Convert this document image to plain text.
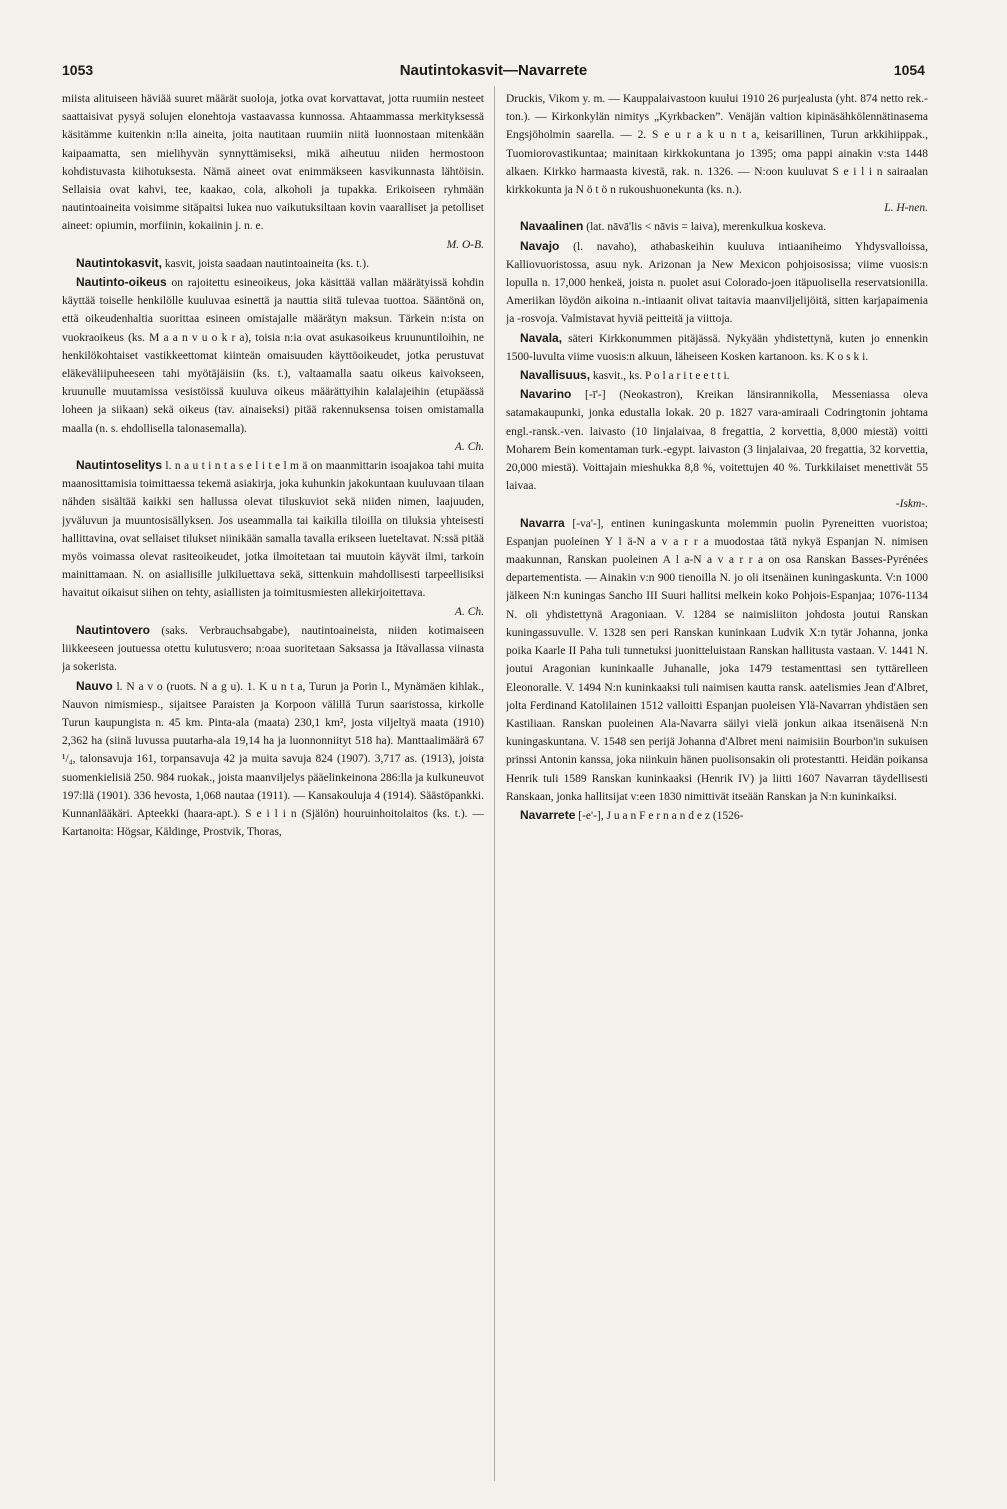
1053	Nautintokasvit—Navarrete	1054

miista alituiseen häviää suuret määrät suoloja, jotka ovat korvattavat, jotta ruumiin nesteet saattaisivat pysyä solujen elonehtoja vastaavassa kunnossa. Ahtaammassa merkityksessä käsitämme kuitenkin n:lla aineita, joita nautitaan ruumiin niitä luonnostaan mitenkään kaipaamatta, sen mielihyvän synnyttämiseksi, mikä aiheutuu niiden hermostoon kohdistuvasta kiihotuksesta. Nämä aineet ovat enimmäkseen kasvikunnasta lähtöisin. Sellaisia ovat kahvi, tee, kaakao, cola, alkoholi ja tupakka. Erikoiseen ryhmään nautintoaineita voisimme sitäpaitsi lukea nuo vaikutuksiltaan kovin vaaralliset ja petolliset aineet: opiumin, morfiinin, kokaiinin j. n. e.
M. O-B.

Nautintokasvit, kasvit, joista saadaan nautintoaineita (ks. t.).

Nautinto-oikeus on rajoitettu esineoikeus, joka käsittää vallan määrätyissä kohdin käyttää toiselle henkilölle kuuluvaa esinettä ja nauttia siitä tulevaa tuottoa. Sääntönä on, että oikeudenhaltia suorittaa esineen omistajalle määrätyn maksun. Tärkein n:ista on vuokraoikeus (ks. M a a n v u o k r a), toisia n:ia ovat asukasoikeus kruununtiloihin, ne henkilökohtaiset vastikkeettomat kiinteän omaisuuden käyttöoikeudet, jotka perustuvat eläkeväliipuheeseen tahi myötäjäisiin (ks. t.), valtaamalla saatu oikeus kaivokseen, kruunulle muutamissa vesistöissä kuuluva oikeus määrättyihin kalalajeihin (etupäässä loheen ja siikaan) sekä oikeus (tav. ainaiseksi) pitää rakennuksensa toisen omistamalla maalla (n. s. ehdollisella talonasemalla).
A. Ch.

Nautintoselitys l. n a u t i n t a s e l i t e l m ä on maanmittarin isoajakoa tahi muita maanosittamisia toimittaessa tekemä asiakirja, joka kuhunkin jakokuntaan kuuluvaan tilaan nähden sisältää kaikki sen hallussa olevat tiluskuviot sekä niiden nimen, laajuuden, jyväluvun ja muuntosisällyksen. Jos useammalla tai kaikilla tiloilla on tiluksia yhteisesti hallittavina, ovat sellaiset tilukset niinikään samalla tavalla erikseen lueteltavat. N:ssä pitää myös voimassa olevat rasiteoikeudet, jotka ilmoitetaan tai muutoin käyvät ilmi, tarkoin mainittamaan. N. on asiallisille julkiluettava sekä, sittenkuin mahdollisesti tarpeellisiksi havaitut oikaisut siihen on tehty, asiallisten ja toimitusmiesten allekirjoitettava.
A. Ch.

Nautintovero (saks. Verbrauchsabgabe), nautintoaineista, niiden kotimaiseen liikkeeseen joutuessa otettu kulutusvero; n:oaa suoritetaan Saksassa ja Itävallassa viinasta ja sokerista.

Nauvo l. N a v o (ruots. N a g u). 1. K u n t a, Turun ja Porin l., Mynämäen kihlak., Nauvon nimismiesp., sijaitsee Paraisten ja Korpoon välillä Turun saaristossa, kirkolle Turun kaupungista n. 45 km. Pinta-ala (maata) 230,1 km², josta viljeltyä maata (1910) 2,362 ha (siinä luvussa puutarha-ala 19,14 ha ja luonnonniityt 518 ha). Manttaalimäärä 67 ¹/₄, talonsavuja 161, torpansavuja 42 ja muita savuja 824 (1907). 3,717 as. (1913), joista suomenkielisiä 250. 984 ruokak., joista maanviljelys pääelinkeinona 286:lla ja kulkuneuvot 197:llä (1901). 336 hevosta, 1,068 nautaa (1911). — Kansakouluja 4 (1914). Säästöpankki. Kunnanlääkäri. Apteekki (haara-apt.). S e i l i n (Själön) houruinhoitolaitos (ks. t.). — Kartanoita: Högsar, Käldinge, Prostvik, Thoras,

Druckis, Vikom y. m. — Kauppalaivastoon kuului 1910 26 purjealusta (yht. 874 netto rek.-ton.). — Kirkonkylän nimitys „Kyrkbacken”. Venäjän valtion kipinäsähkölennätinasema Engsjöholmin saarella. — 2. S e u r a k u n t a, keisarillinen, Turun arkkihiippak., Tuomiorovastikuntaa; mainitaan kirkkokuntana jo 1395; oma pappi ainakin v:sta 1448 alkaen. Kirkko harmaasta kivestä, rak. n. 1326. — N:oon kuuluvat S e i l i n sairaalan kirkkokunta ja N ö t ö n rukoushuonekunta (ks. n.).
L. H-nen.

Navaalinen (lat. nāvā'lis < nāvis = laiva), merenkulkua koskeva.

Navajo (l. navaho), athabaskeihin kuuluva intiaaniheimo Yhdysvalloissa, Kalliovuoristossa, asuu nyk. Arizonan ja New Mexicon pohjoisosissa; viime vuosis:n lopulla n. 17,000 henkeä, joista n. puolet asui Colorado-joen itäpuolisella reservatsionilla. Ameriikan löydön aikoina n.-intiaanit olivat taitavia maanviljelijöitä, sitten karjapaimenia ja -rosvoja. Valmistavat hyviä peitteitä ja viittoja.

Navala, säteri Kirkkonummen pitäjässä. Nykyään yhdistettynä, kuten jo ennenkin 1500-luvulta viime vuosis:n alkuun, läheiseen Kosken kartanoon. ks. K o s k i.

Navallisuus, kasvit., ks. P o l a r i t e e t t i.

Navarino [-ī'-] (Neokastron), Kreikan länsirannikolla, Messeniassa oleva satamakaupunki, jonka edustalla lokak. 20 p. 1827 vara-amiraali Codringtonin johtama engl.-ransk.-ven. laivasto (10 linjalaivaa, 8 fregattia, 2 korvettia, 8,000 miestä) voitti Moharem Bein komentaman turk.-egypt. laivaston (3 linjalaivaa, 20 fregattia, 32 korvettia, 20,000 miestä). Voittajain mieshukka 8,8 %, voitettujen 40 %. Turkkilaiset menettivät 55 laivaa.
-Iskm-.

Navarra [-va'-], entinen kuningaskunta molemmin puolin Pyreneitten vuoristoa; Espanjan puoleinen Y l ä-N a v a r r a muodostaa tätä nykyä Espanjan N. nimisen maakunnan, Ranskan puoleinen A l a-N a v a r r a on osa Ranskan Basses-Pyrénées departementista. — Ainakin v:n 900 tienoilla N. jo oli itsenäinen kuningaskunta. V:n 1000 jälkeen N:n kuningas Sancho III Suuri hallitsi melkein koko Pohjois-Espanjaa; 1076-1134 N. oli yhdistettynä Aragoniaan. V. 1284 se naimisliiton johdosta joutui Ranskan kuningassuvulle. V. 1328 sen peri Ranskan kuninkaan Ludvik X:n tytär Johanna, jonka poika Kaarle II Paha tuli tunnetuksi juonitteluistaan Ranskan hallitusta vastaan. V. 1441 N. joutui Aragonian kuninkaalle Juhanalle, joka 1479 testamenttasi sen tyttärelleen Eleonoralle. V. 1494 N:n kuninkaaksi tuli naimisen kautta ransk. aatelismies Jean d'Albret, jolta Ferdinand Katolilainen 1512 valloitti Espanjan puoleisen Ylä-Navarran yhdistäen sen Kastiliaan. Ranskan puoleinen Ala-Navarra säilyi vielä jonkun aikaa itsenäisenä N:n kuningaskuntana. V. 1548 sen perijä Johanna d'Albret meni naimisiin Bourbon'in sukuisen prinssi Antonin kanssa, joka niinkuin hänen puolisonsakin oli protestantti. Heidän poikansa Henrik tuli 1589 Ranskan kuninkaaksi (Henrik IV) ja liitti 1607 Navarran täydellisesti Ranskaan, jonka hallitsijat v:een 1830 nimittivät itseään Ranskan ja N:n kuninkaiksi.

Navarrete [-e'-], J u a n F e r n a n d e z (1526-
